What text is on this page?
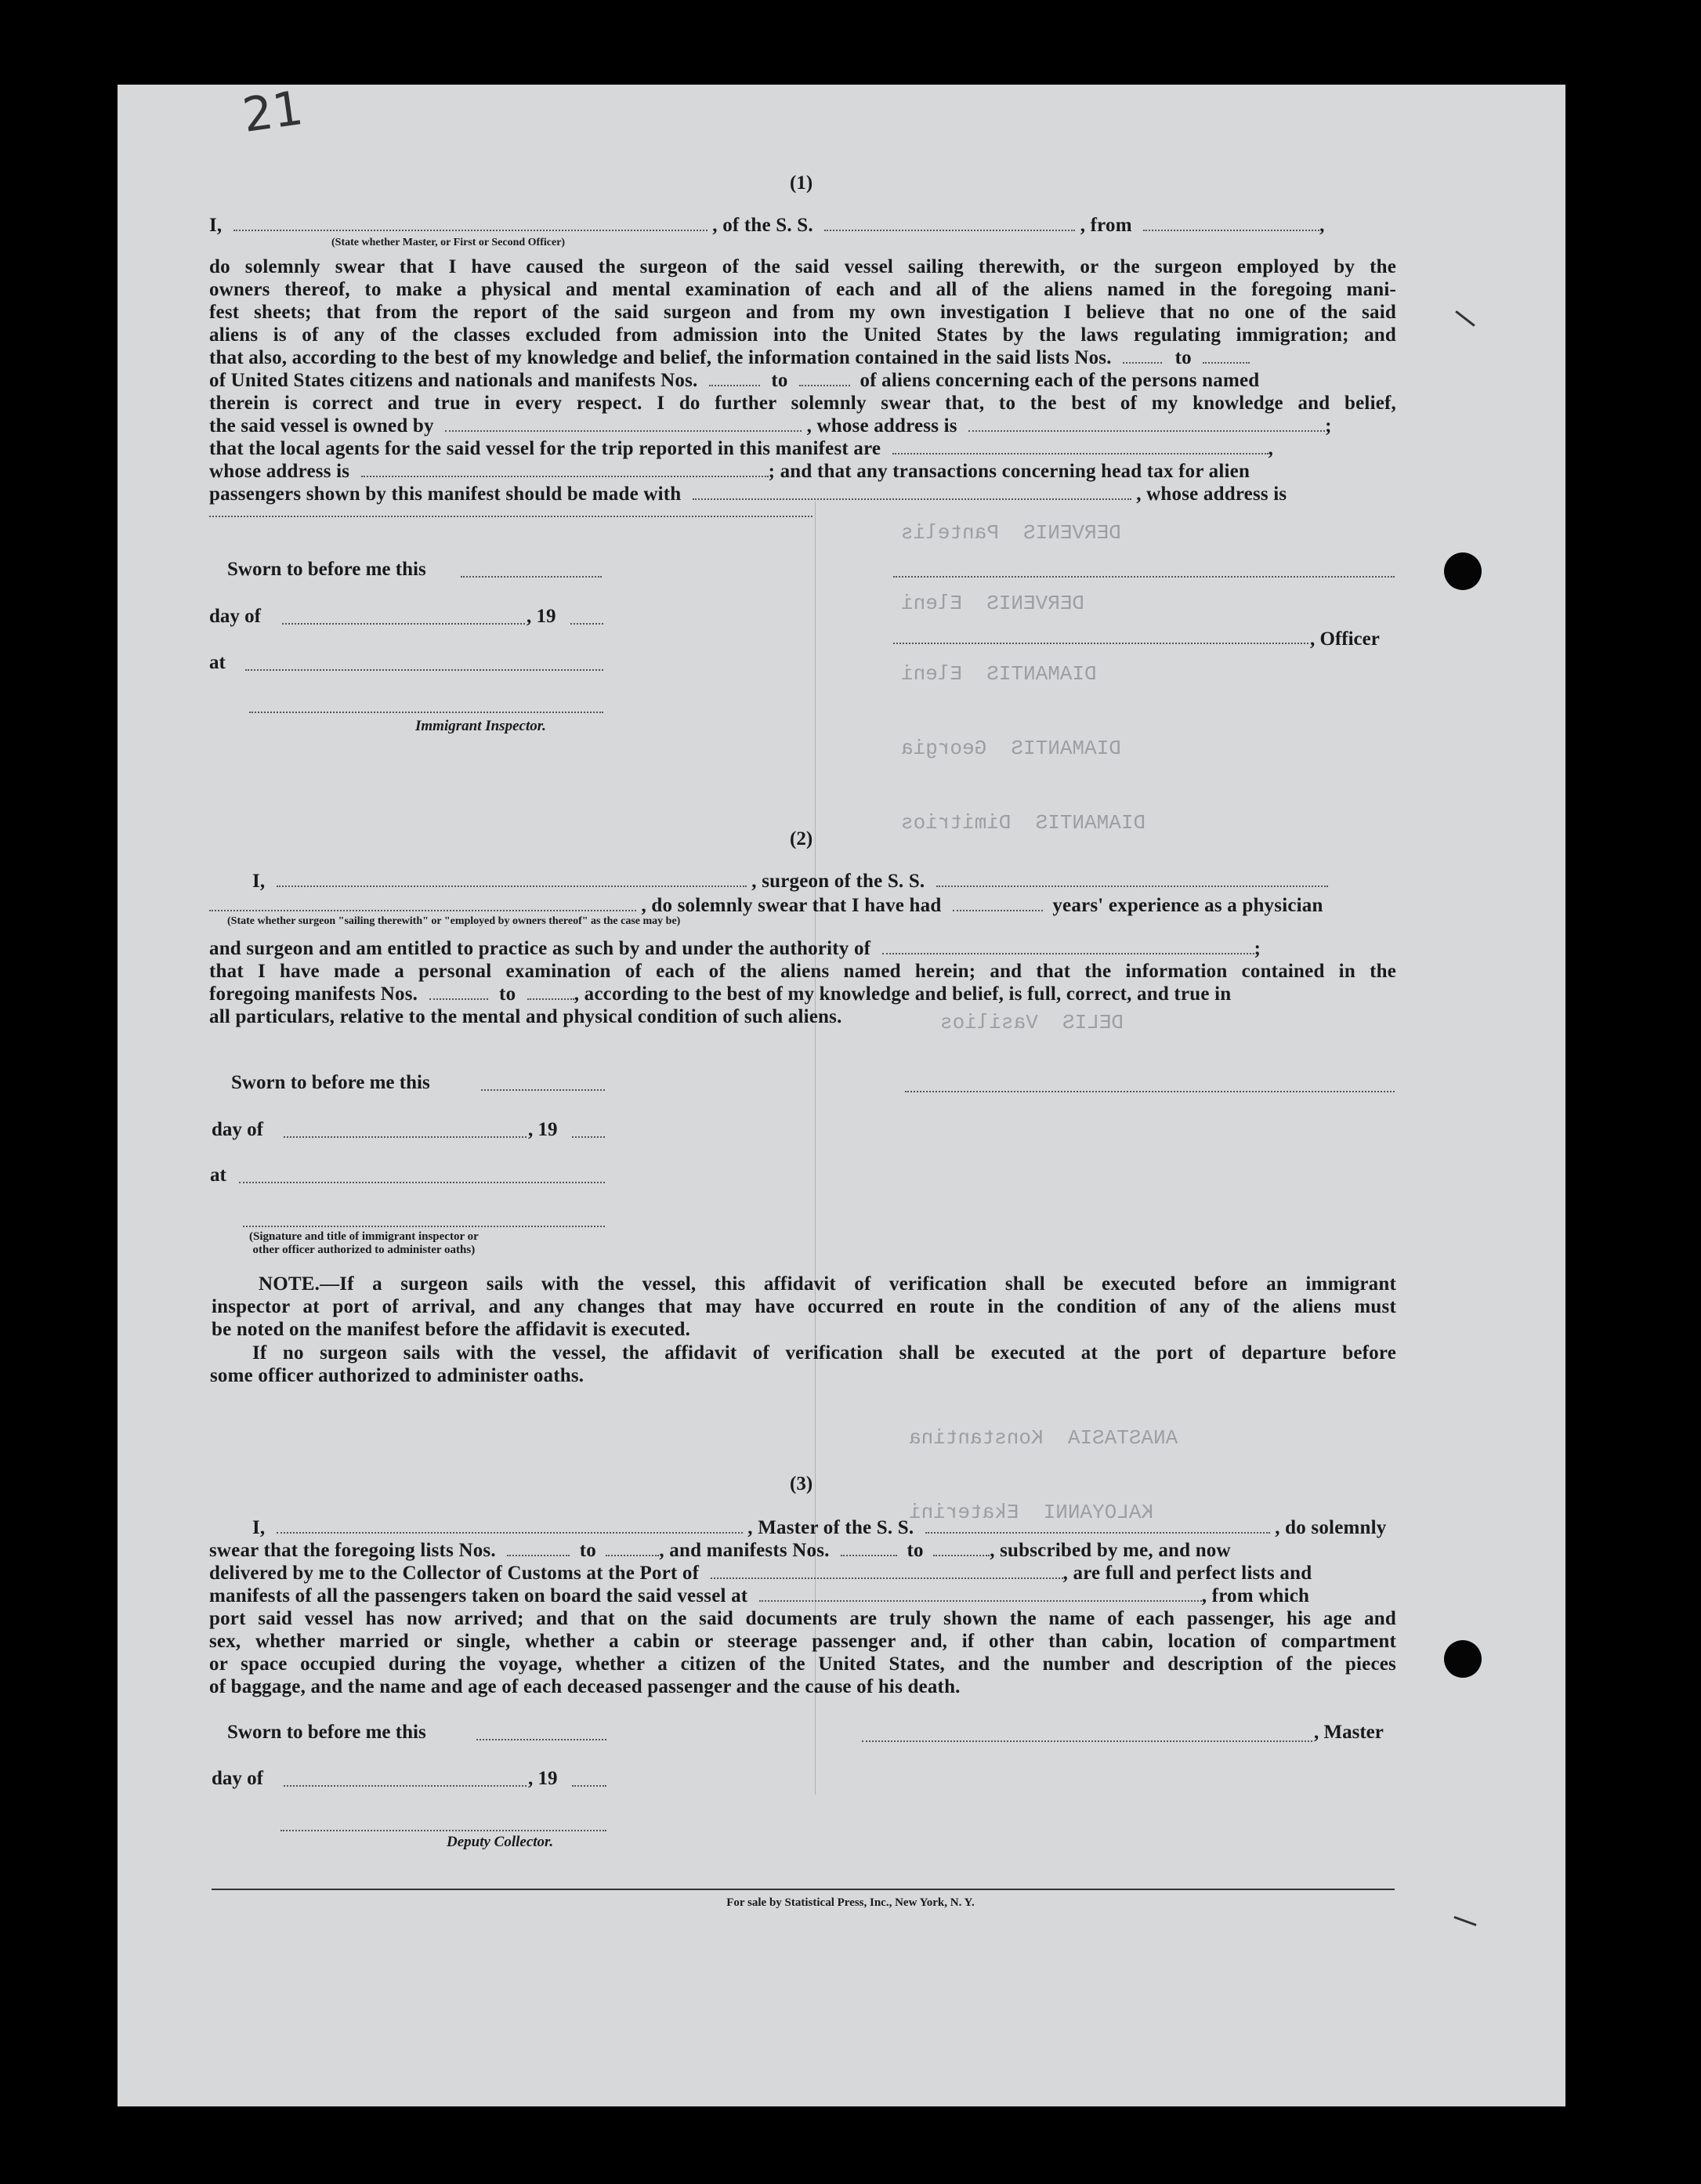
21
DERVENIS  Pantelis
DERVENIS  Eleni
DIAMANTIS  Eleni
DIAMANTIS  Georgia
DIAMANTIS  Dimitrios
DELIS  Vasilios
ANASTASIA  Konstantina
KALOYANNI  Ekaterini
(1)
I,	, of the S. S.	, from	,
(State whether Master, or First or Second Officer)
do solemnly swear that I have caused the surgeon of the said vessel sailing therewith, or the surgeon employed by the
owners thereof, to make a physical and mental examination of each and all of the aliens named in the foregoing mani-
fest sheets; that from the report of the said surgeon and from my own investigation I believe that no one of the said
aliens is of any of the classes excluded from admission into the United States by the laws regulating immigration; and
that also, according to the best of my knowledge and belief, the information contained in the said lists Nos.	to
of United States citizens and nationals and manifests Nos.	to	of aliens concerning each of the persons named
therein is correct and true in every respect. I do further solemnly swear that, to the best of my knowledge and belief,
the said vessel is owned by	, whose address is	;
that the local agents for the said vessel for the trip reported in this manifest are	,
whose address is	; and that any transactions concerning head tax for alien
passengers shown by this manifest should be made with	, whose address is
Sworn to before me this
day of	, 19
, Officer
at
Immigrant Inspector.
(2)
I,	, surgeon of the S. S.
, do solemnly swear that I have had	years' experience as a physician
(State whether surgeon "sailing therewith" or "employed by owners thereof" as the case may be)
and surgeon and am entitled to practice as such by and under the authority of	;
that I have made a personal examination of each of the aliens named herein; and that the information contained in the
foregoing manifests Nos.	to	, according to the best of my knowledge and belief, is full, correct, and true in
all particulars, relative to the mental and physical condition of such aliens.
Sworn to before me this
day of	, 19
at
(Signature and title of immigrant inspector or
other officer authorized to administer oaths)
NOTE.—If a surgeon sails with the vessel, this affidavit of verification shall be executed before an immigrant
inspector at port of arrival, and any changes that may have occurred en route in the condition of any of the aliens must
be noted on the manifest before the affidavit is executed.
If no surgeon sails with the vessel, the affidavit of verification shall be executed at the port of departure before
some officer authorized to administer oaths.
(3)
I,	, Master of the S. S.	, do solemnly
swear that the foregoing lists Nos.	to	, and manifests Nos.	to	, subscribed by me, and now
delivered by me to the Collector of Customs at the Port of	, are full and perfect lists and
manifests of all the passengers taken on board the said vessel at	, from which
port said vessel has now arrived; and that on the said documents are truly shown the name of each passenger, his age and
sex, whether married or single, whether a cabin or steerage passenger and, if other than cabin, location of compartment
or space occupied during the voyage, whether a citizen of the United States, and the number and description of the pieces
of baggage, and the name and age of each deceased passenger and the cause of his death.
Sworn to before me this	, Master
day of	, 19
Deputy Collector.
For sale by Statistical Press, Inc., New York, N. Y.
